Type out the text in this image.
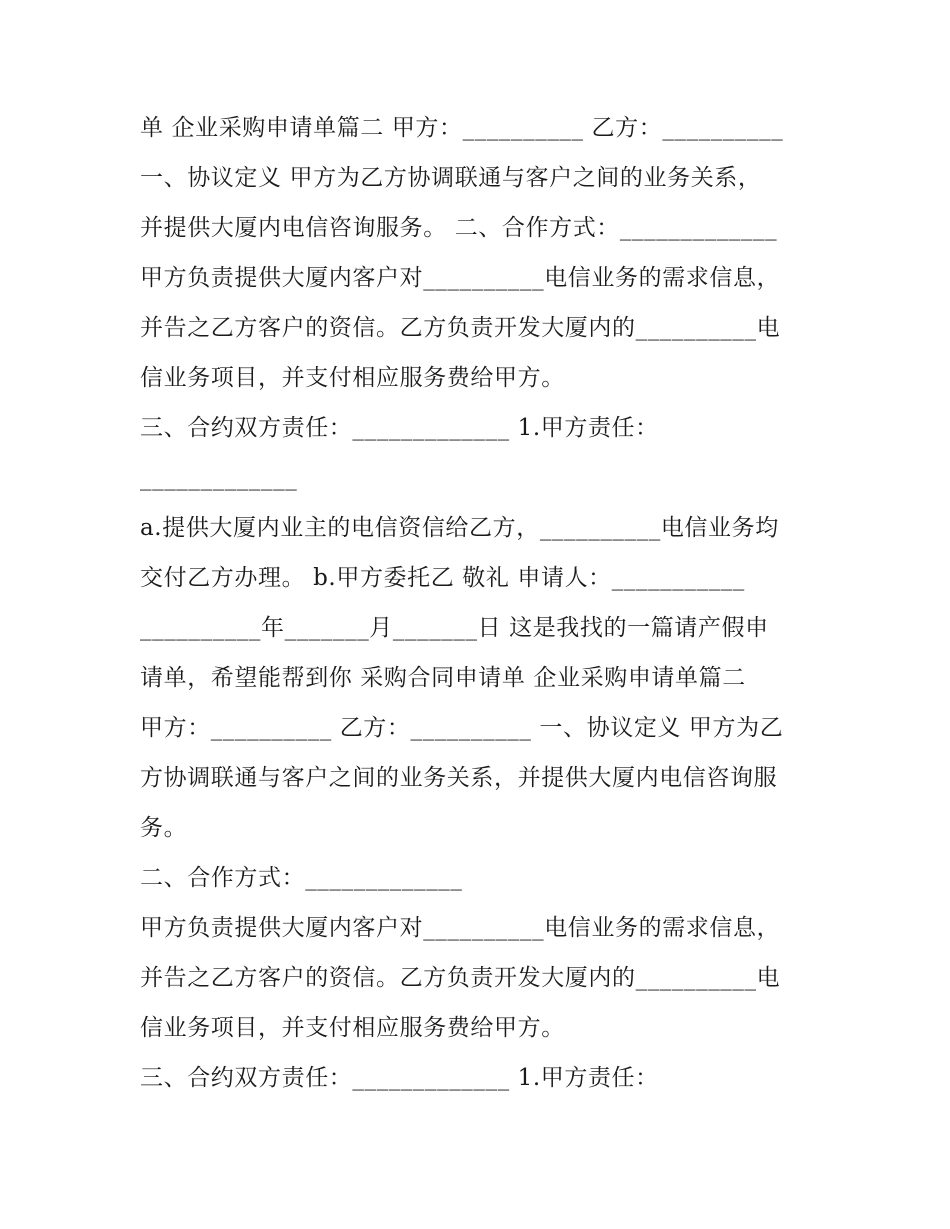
单 企业采购申请单篇二 甲方：__________ 乙方：__________
一、协议定义 甲方为乙方协调联通与客户之间的业务关系，
并提供大厦内电信咨询服务。 二、合作方式：_____________
甲方负责提供大厦内客户对__________电信业务的需求信息，
并告之乙方客户的资信。乙方负责开发大厦内的__________电
信业务项目，并支付相应服务费给甲方。
三、合约双方责任：_____________ 1.甲方责任：
_____________
a.提供大厦内业主的电信资信给乙方，__________电信业务均
交付乙方办理。 b.甲方委托乙 敬礼 申请人：___________
__________年_______月_______日 这是我找的一篇请产假申
请单，希望能帮到你 采购合同申请单 企业采购申请单篇二
甲方：__________ 乙方：__________ 一、协议定义 甲方为乙
方协调联通与客户之间的业务关系，并提供大厦内电信咨询服
务。
二、合作方式：_____________
甲方负责提供大厦内客户对__________电信业务的需求信息，
并告之乙方客户的资信。乙方负责开发大厦内的__________电
信业务项目，并支付相应服务费给甲方。
三、合约双方责任：_____________ 1.甲方责任：
